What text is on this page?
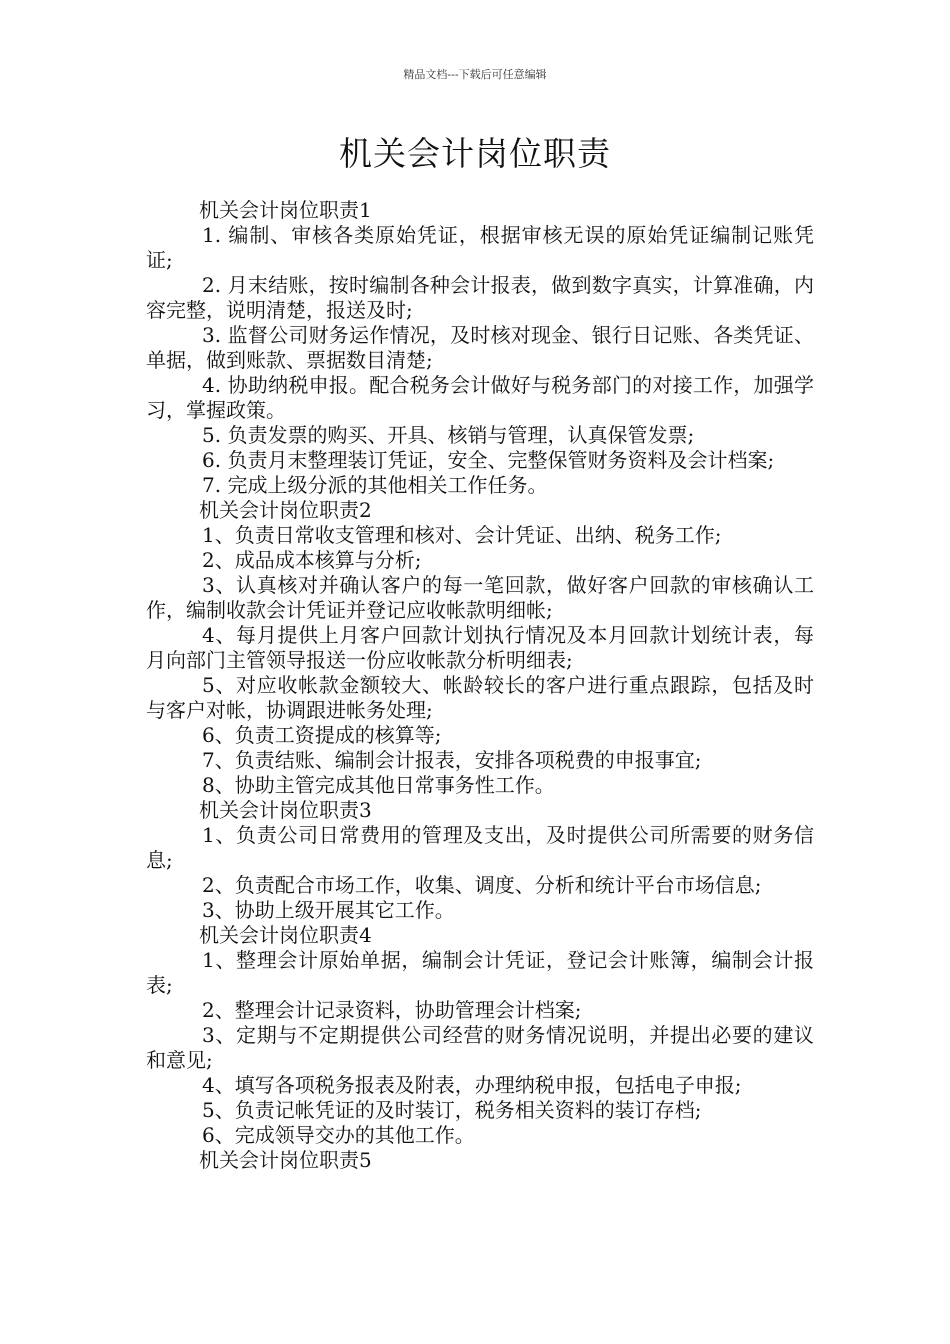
精品文档---下载后可任意编辑
机关会计岗位职责

机关会计岗位职责1

1. 编制、审核各类原始凭证，根据审核无误的原始凭证编制记账凭证;

2. 月末结账，按时编制各种会计报表，做到数字真实，计算准确，内容完整，说明清楚，报送及时;

3. 监督公司财务运作情况，及时核对现金、银行日记账、各类凭证、单据，做到账款、票据数目清楚;

4. 协助纳税申报。配合税务会计做好与税务部门的对接工作，加强学习，掌握政策。

5. 负责发票的购买、开具、核销与管理，认真保管发票;

6. 负责月末整理装订凭证，安全、完整保管财务资料及会计档案;

7. 完成上级分派的其他相关工作任务。

机关会计岗位职责2

1、负责日常收支管理和核对、会计凭证、出纳、税务工作;

2、成品成本核算与分析;

3、认真核对并确认客户的每一笔回款，做好客户回款的审核确认工作，编制收款会计凭证并登记应收帐款明细帐;

4、每月提供上月客户回款计划执行情况及本月回款计划统计表，每月向部门主管领导报送一份应收帐款分析明细表;

5、对应收帐款金额较大、帐龄较长的客户进行重点跟踪，包括及时与客户对帐，协调跟进帐务处理;

6、负责工资提成的核算等;

7、负责结账、编制会计报表，安排各项税费的申报事宜;

8、协助主管完成其他日常事务性工作。

机关会计岗位职责3

1、负责公司日常费用的管理及支出，及时提供公司所需要的财务信息;

2、负责配合市场工作，收集、调度、分析和统计平台市场信息;

3、协助上级开展其它工作。

机关会计岗位职责4

1、整理会计原始单据，编制会计凭证，登记会计账簿，编制会计报表;

2、整理会计记录资料，协助管理会计档案;

3、定期与不定期提供公司经营的财务情况说明，并提出必要的建议和意见;

4、填写各项税务报表及附表，办理纳税申报，包括电子申报;

5、负责记帐凭证的及时装订，税务相关资料的装订存档;

6、完成领导交办的其他工作。

机关会计岗位职责5
